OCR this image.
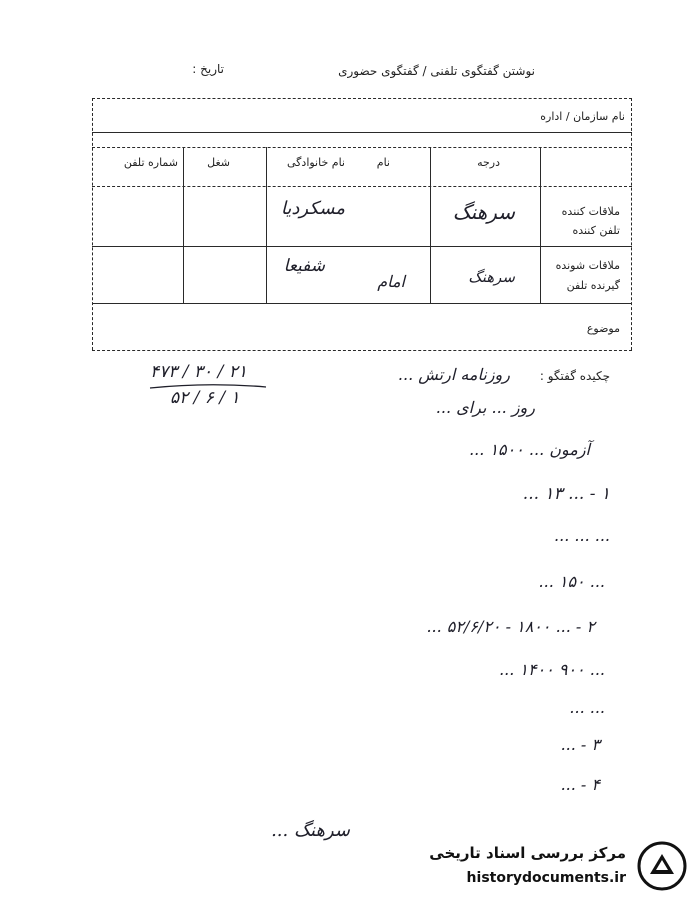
نوشتن گفتگوی تلفنی / گفتگوی حضوری
تاریخ :
نام سازمان / اداره
درجه
نام
نام خانوادگی
شغل
شماره تلفن
ملاقات کننده
تلفن کننده
سرهنگ
مسکردیا
ملاقات شونده
گیرنده تلفن
سرهنگ
امام
شفیعا
موضوع
چکیده گفتگو :
روزنامه ارتش ...
۴۷۳ / ۳۰ / ۲۱
۵۲ / ۶ / ۱	روز ... برای ...
آزمون ... ۱۵۰۰ ...
۱ - ... ۱۳ ...
... ... ...
... ۱۵۰ ...
۲ - ... ۱۸۰۰ - ۵۲/۶/۲۰ ...
... ۹۰۰ ۱۴۰۰ ...
... ...
۳ - ...
۴ - ...
سرهنگ ...
مرکز بررسی اسناد تاریخی
historydocuments.ir
